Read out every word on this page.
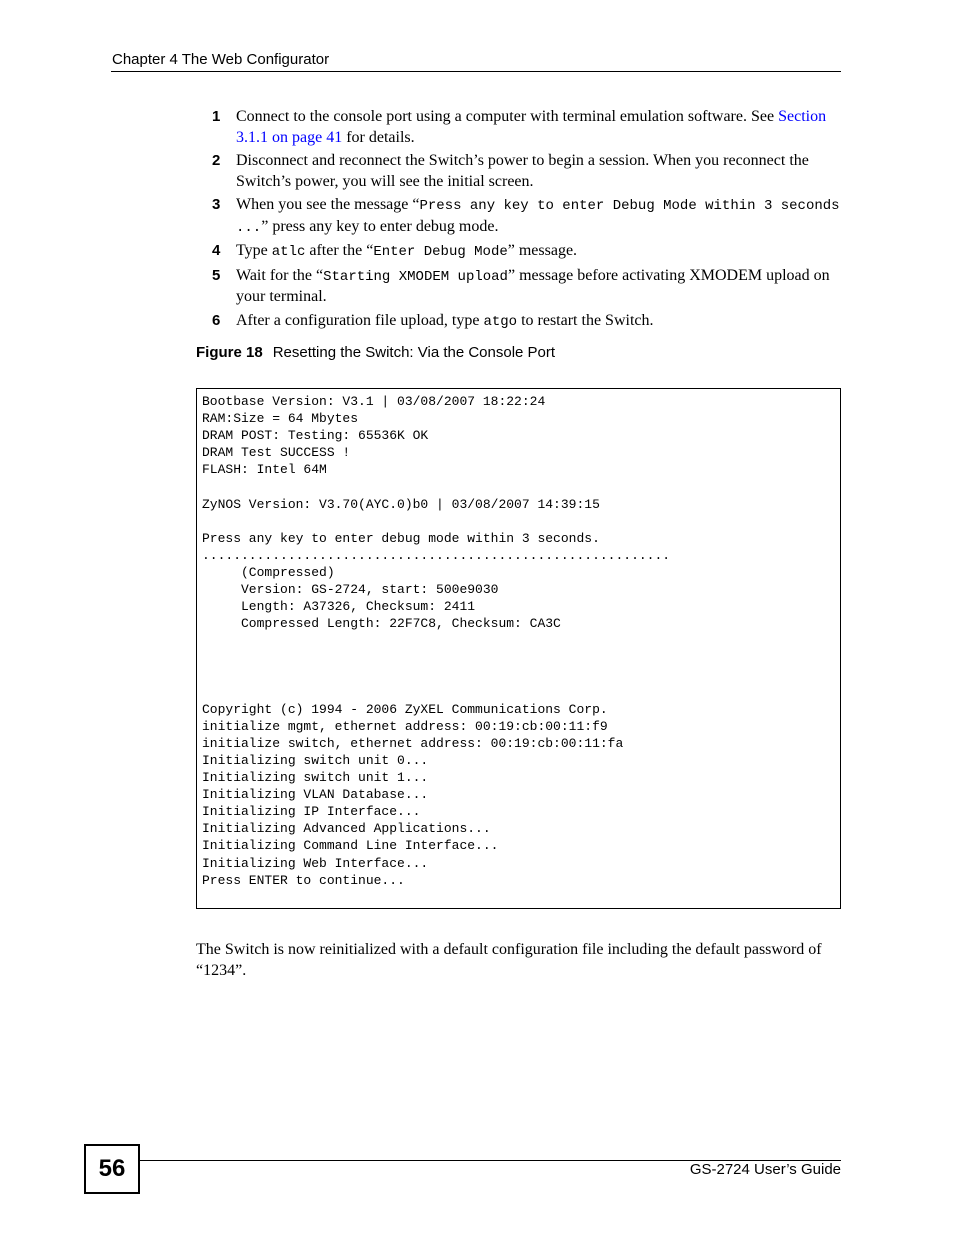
Chapter 4 The Web Configurator
1 Connect to the console port using a computer with terminal emulation software. See Section 3.1.1 on page 41 for details.
2 Disconnect and reconnect the Switch’s power to begin a session. When you reconnect the Switch’s power, you will see the initial screen.
3 When you see the message “Press any key to enter Debug Mode within 3 seconds ...” press any key to enter debug mode.
4 Type atlc after the “Enter Debug Mode” message.
5 Wait for the “Starting XMODEM upload” message before activating XMODEM upload on your terminal.
6 After a configuration file upload, type atgo to restart the Switch.
Figure 18 Resetting the Switch: Via the Console Port
Bootbase Version: V3.1 | 03/08/2007 18:22:24
RAM:Size = 64 Mbytes
DRAM POST: Testing: 65536K OK
DRAM Test SUCCESS !
FLASH: Intel 64M

ZyNOS Version: V3.70(AYC.0)b0 | 03/08/2007 14:39:15

Press any key to enter debug mode within 3 seconds.
............................................................
(Compressed)
Version: GS-2724, start: 500e9030
Length: A37326, Checksum: 2411
Compressed Length: 22F7C8, Checksum: CA3C

Copyright (c) 1994 - 2006 ZyXEL Communications Corp.
initialize mgmt, ethernet address: 00:19:cb:00:11:f9
initialize switch, ethernet address: 00:19:cb:00:11:fa
Initializing switch unit 0...
Initializing switch unit 1...
Initializing VLAN Database...
Initializing IP Interface...
Initializing Advanced Applications...
Initializing Command Line Interface...
Initializing Web Interface...
Press ENTER to continue...

The Switch is now reinitialized with a default configuration file including the default password of “1234”.

56	GS-2724 User’s Guide
